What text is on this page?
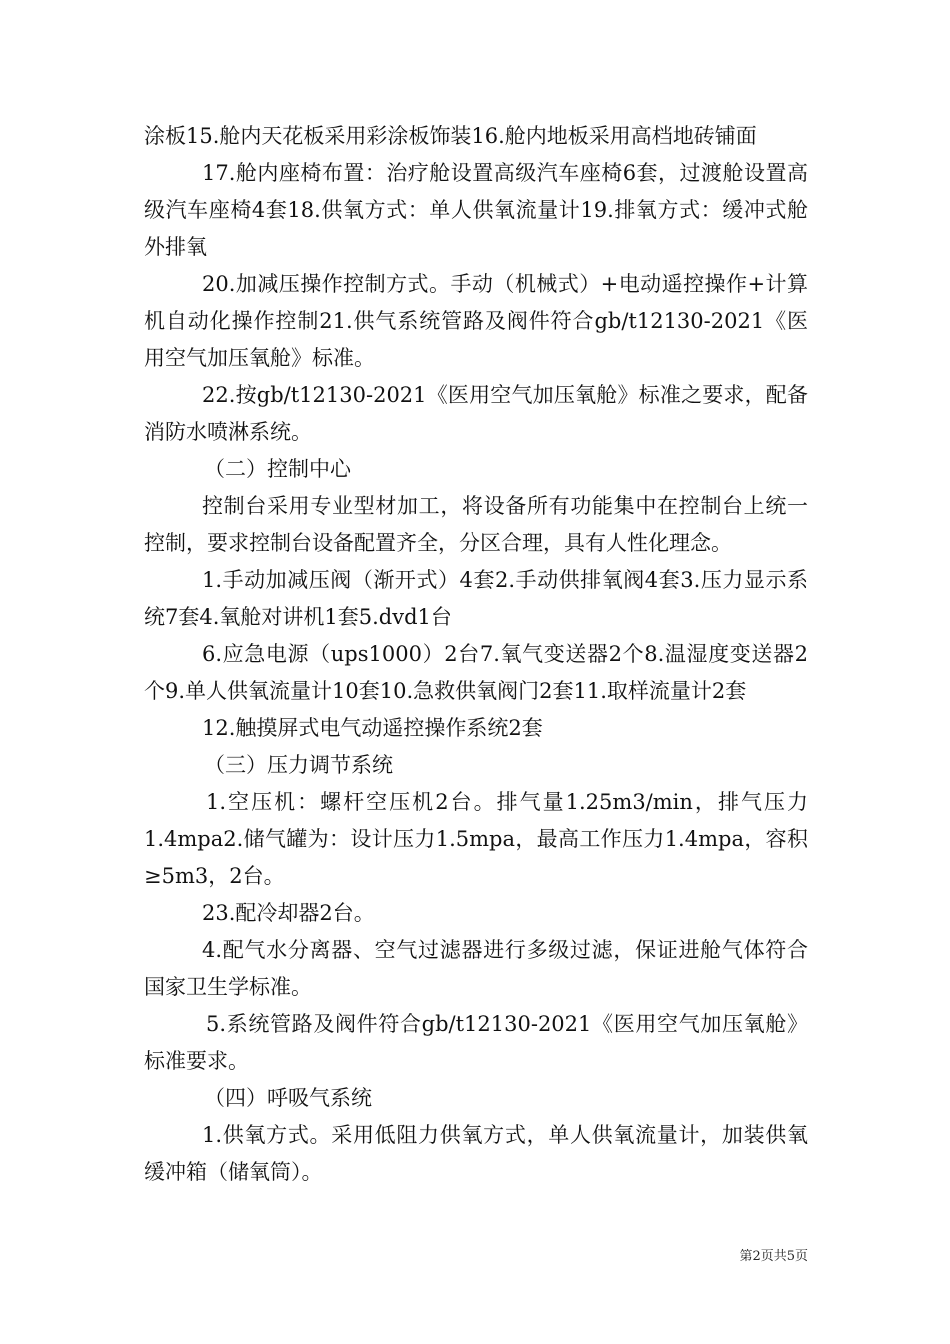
涂板15.舱内天花板采用彩涂板饰装16.舱内地板采用高档地砖铺面

17.舱内座椅布置：治疗舱设置高级汽车座椅6套，过渡舱设置高级汽车座椅4套18.供氧方式：单人供氧流量计19.排氧方式：缓冲式舱外排氧

20.加减压操作控制方式。手动（机械式）+电动遥控操作+计算机自动化操作控制21.供气系统管路及阀件符合gb/t12130-2021《医用空气加压氧舱》标准。

22.按gb/t12130-2021《医用空气加压氧舱》标准之要求，配备消防水喷淋系统。

（二）控制中心

控制台采用专业型材加工，将设备所有功能集中在控制台上统一控制，要求控制台设备配置齐全，分区合理，具有人性化理念。

1.手动加减压阀（渐开式）4套2.手动供排氧阀4套3.压力显示系统7套4.氧舱对讲机1套5.dvd1台

6.应急电源（ups1000）2台7.氧气变送器2个8.温湿度变送器2个9.单人供氧流量计10套10.急救供氧阀门2套11.取样流量计2套

12.触摸屏式电气动遥控操作系统2套

（三）压力调节系统

1.空压机：螺杆空压机2台。排气量1.25m3/min，排气压力1.4mpa2.储气罐为：设计压力1.5mpa，最高工作压力1.4mpa，容积≥5m3，2台。

23.配冷却器2台。

4.配气水分离器、空气过滤器进行多级过滤，保证进舱气体符合国家卫生学标准。

5.系统管路及阀件符合gb/t12130-2021《医用空气加压氧舱》标准要求。

（四）呼吸气系统

1.供氧方式。采用低阻力供氧方式，单人供氧流量计，加装供氧缓冲箱（储氧筒）。

第2页共5页
